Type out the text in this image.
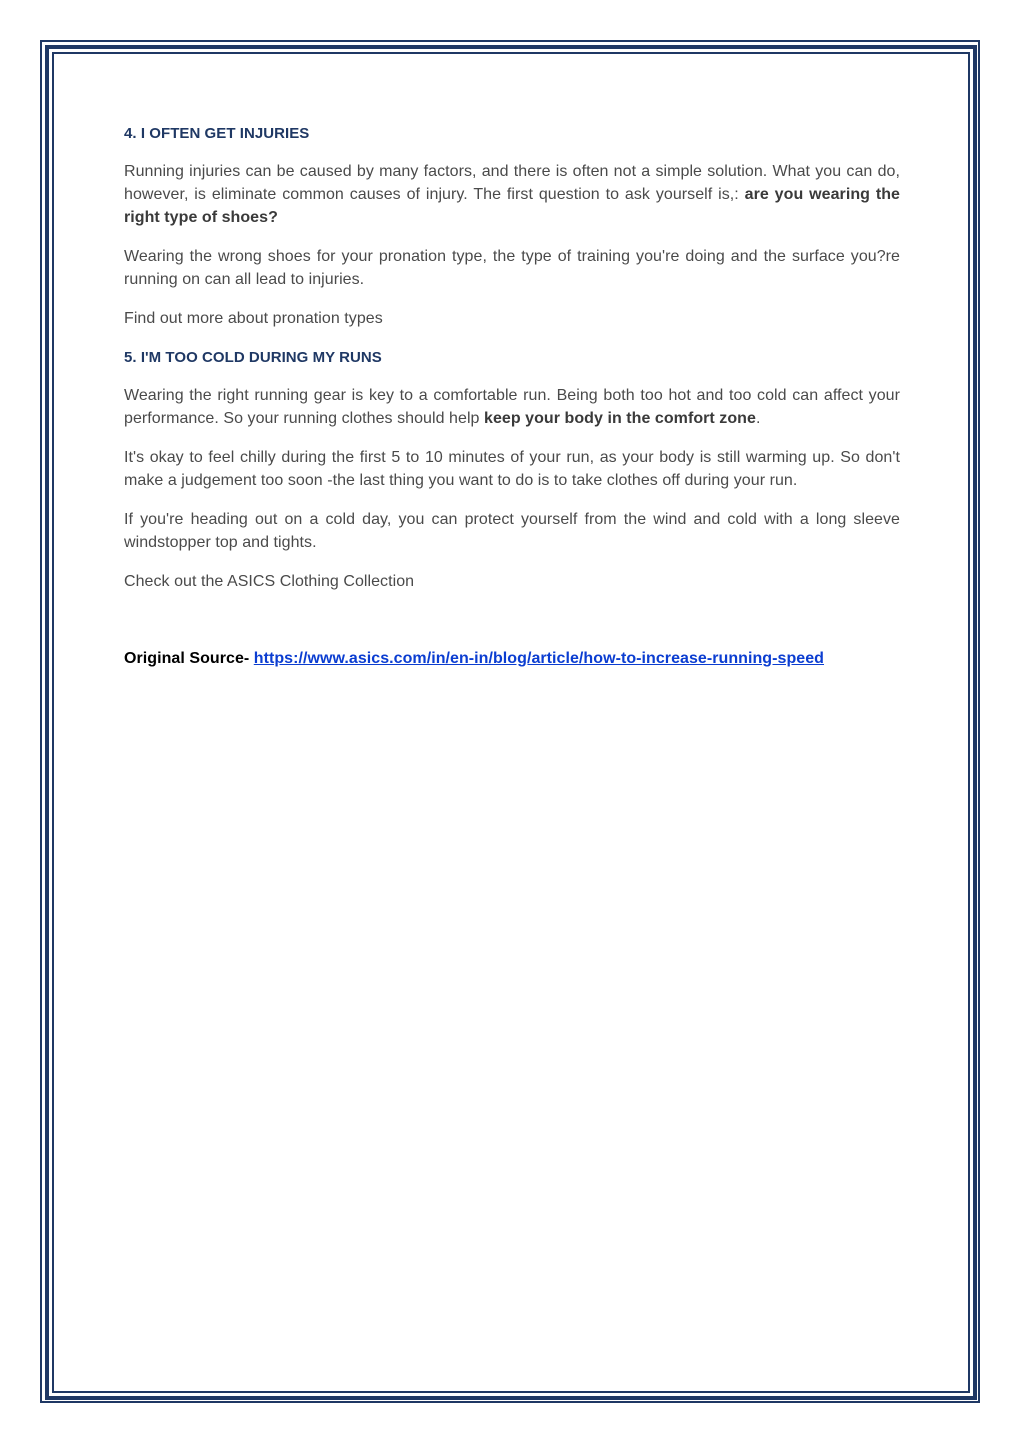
4. I OFTEN GET INJURIES

Running injuries can be caused by many factors, and there is often not a simple solution. What you can do, however, is eliminate common causes of injury. The first question to ask yourself is,: are you wearing the right type of shoes?

Wearing the wrong shoes for your pronation type, the type of training you're doing and the surface you?re running on can all lead to injuries.

Find out more about pronation types

5. I'M TOO COLD DURING MY RUNS

Wearing the right running gear is key to a comfortable run. Being both too hot and too cold can affect your performance. So your running clothes should help keep your body in the comfort zone.

It's okay to feel chilly during the first 5 to 10 minutes of your run, as your body is still warming up. So don't make a judgement too soon -the last thing you want to do is to take clothes off during your run.

If you're heading out on a cold day, you can protect yourself from the wind and cold with a long sleeve windstopper top and tights.

Check out the ASICS Clothing Collection

Original Source- https://www.asics.com/in/en-in/blog/article/how-to-increase-running-speed
